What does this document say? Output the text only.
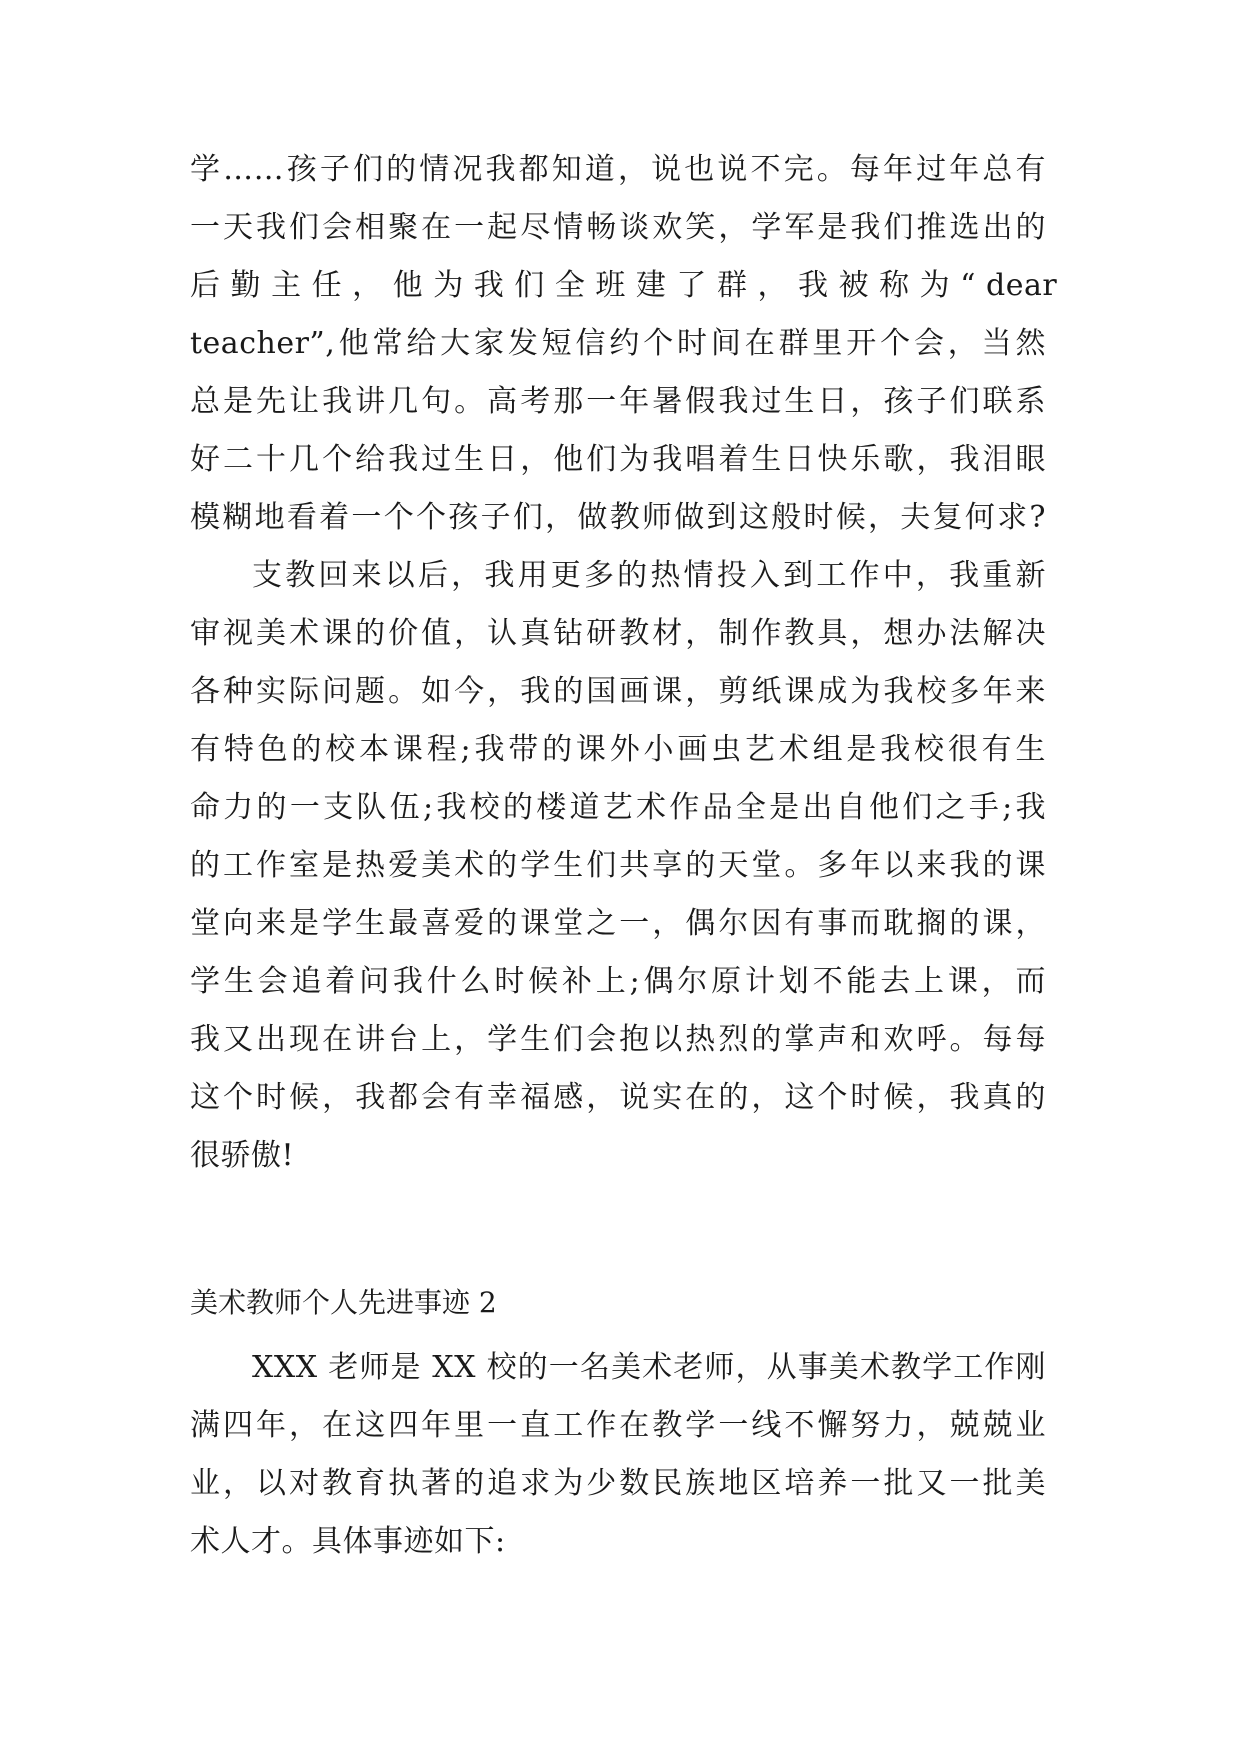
学……孩子们的情况我都知道，说也说不完。每年过年总有
一天我们会相聚在一起尽情畅谈欢笑，学军是我们推选出的
后 勤 主 任 ， 他 为 我 们 全 班 建 了 群 ， 我 被 称 为 “ dear
teacher”,他常给大家发短信约个时间在群里开个会，当然
总是先让我讲几句。高考那一年暑假我过生日，孩子们联系
好二十几个给我过生日，他们为我唱着生日快乐歌，我泪眼
模糊地看着一个个孩子们，做教师做到这般时候，夫复何求?
支教回来以后，我用更多的热情投入到工作中，我重新
审视美术课的价值，认真钻研教材，制作教具，想办法解决
各种实际问题。如今，我的国画课，剪纸课成为我校多年来
有特色的校本课程;我带的课外小画虫艺术组是我校很有生
命力的一支队伍;我校的楼道艺术作品全是出自他们之手;我
的工作室是热爱美术的学生们共享的天堂。多年以来我的课
堂向来是学生最喜爱的课堂之一，偶尔因有事而耽搁的课，
学生会追着问我什么时候补上;偶尔原计划不能去上课，而
我又出现在讲台上，学生们会抱以热烈的掌声和欢呼。每每
这个时候，我都会有幸福感，说实在的，这个时候，我真的
很骄傲!
美术教师个人先进事迹 2
XXX 老师是 XX 校的一名美术老师，从事美术教学工作刚
满四年，在这四年里一直工作在教学一线不懈努力，兢兢业
业，以对教育执著的追求为少数民族地区培养一批又一批美
术人才。具体事迹如下:
